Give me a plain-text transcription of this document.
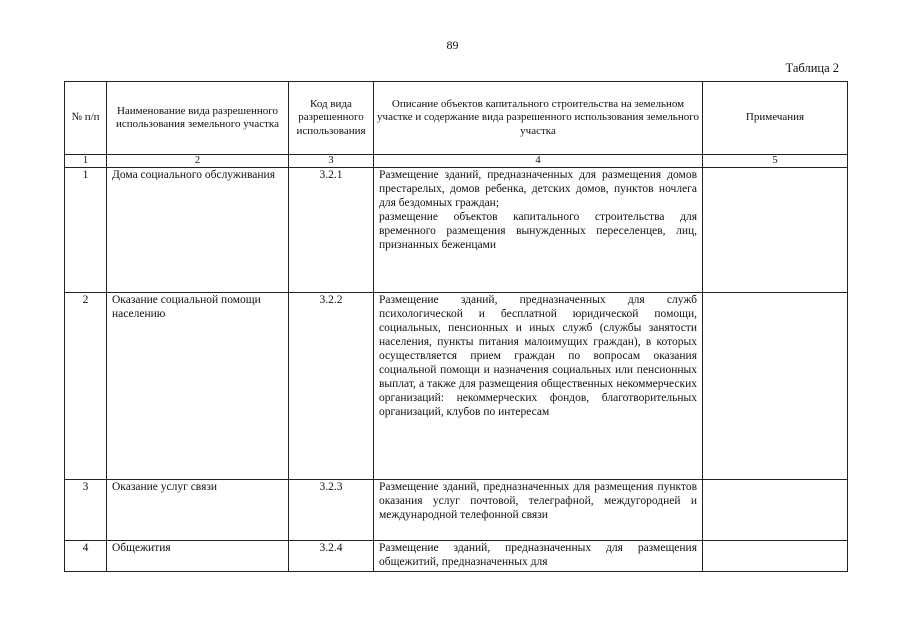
89
Таблица 2
№ п/п	Наименование вида разрешенного использования земельного участка	Код вида разрешенного использования	Описание объектов капитального строительства на земельном участке и содержание вида разрешенного использования земельного участка	Примечания
1	2	3	4	5
1	Дома социального обслуживания	3.2.1	Размещение зданий, предназначенных для размещения домов престарелых, домов ребенка, детских домов, пунктов ночлега для бездомных граждан;
размещение объектов капитального строительства для временного размещения вынужденных переселенцев, лиц, признанных беженцами	

2	Оказание социальной помощи населению	3.2.2	Размещение зданий, предназначенных для служб психологической и бесплатной юридической помощи, социальных, пенсионных и иных служб (службы занятости населения, пункты питания малоимущих граждан), в которых осуществляется прием граждан по вопросам оказания социальной помощи и назначения социальных или пенсионных выплат, а также для размещения общественных некоммерческих организаций: некоммерческих фондов, благотворительных организаций, клубов по интересам	

3	Оказание услуг связи	3.2.3	Размещение зданий, предназначенных для размещения пунктов оказания услуг почтовой, телеграфной, междугородней и международной телефонной связи	

4	Общежития	3.2.4	Размещение зданий, предназначенных для размещения общежитий, предназначенных для	
